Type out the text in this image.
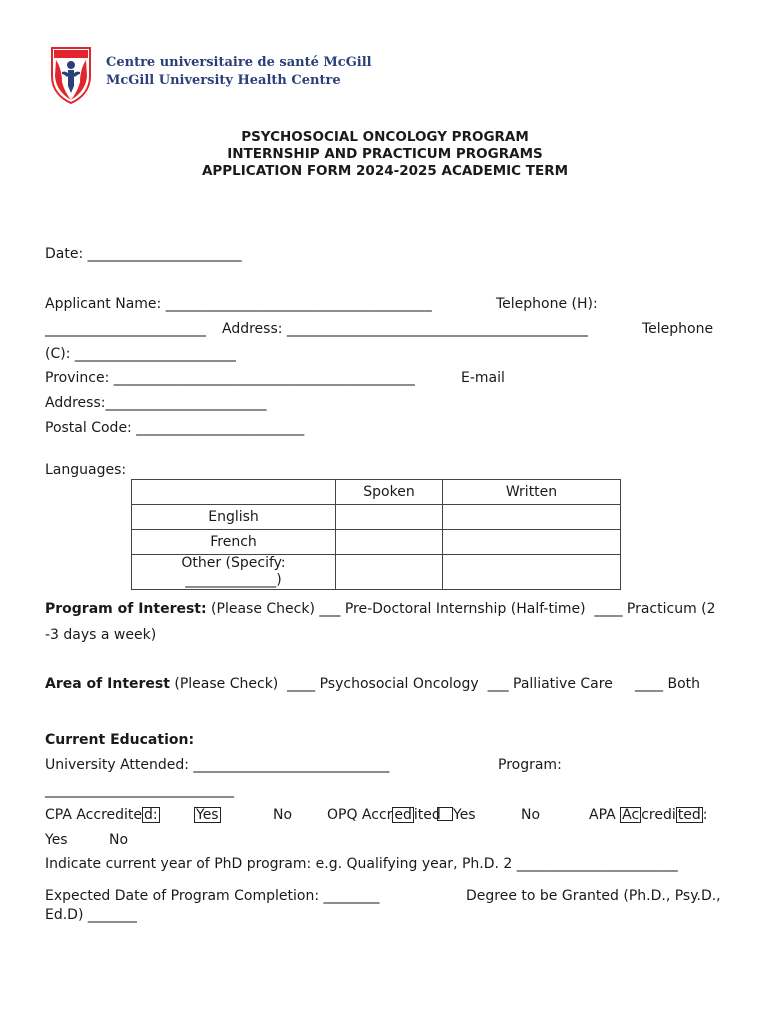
Centre universitaire de santé McGill
McGill University Health Centre
PSYCHOSOCIAL ONCOLOGY PROGRAM
INTERNSHIP AND PRACTICUM PROGRAMS
APPLICATION FORM 2024-2025 ACADEMIC TERM
Date: ______________________
Applicant Name: ______________________________________	Telephone (H):
_______________________ Address: ___________________________________________	Telephone
(C): _______________________
Province: ___________________________________________	E-mail
Address:_______________________
Postal Code: ________________________
Languages:
	Spoken	Written
English		
French		
Other (Specify:
_____________)		
Program of Interest: (Please Check) ___ Pre-Doctoral Internship (Half-time)  ____ Practicum (2
-3 days a week)
Area of Interest (Please Check)  ____ Psychosocial Oncology  ___ Palliative Care     ____ Both
Current Education:
University Attended: ____________________________	Program:
___________________________
CPA Accredite d:	Yes	No OPQ Accr ed ited Yes	No	APA Ac credi ted :
Yes	No
Indicate current year of PhD program: e.g. Qualifying year, Ph.D. 2 _______________________
Expected Date of Program Completion: ________	Degree to be Granted (Ph.D., Psy.D.,
Ed.D) _______
